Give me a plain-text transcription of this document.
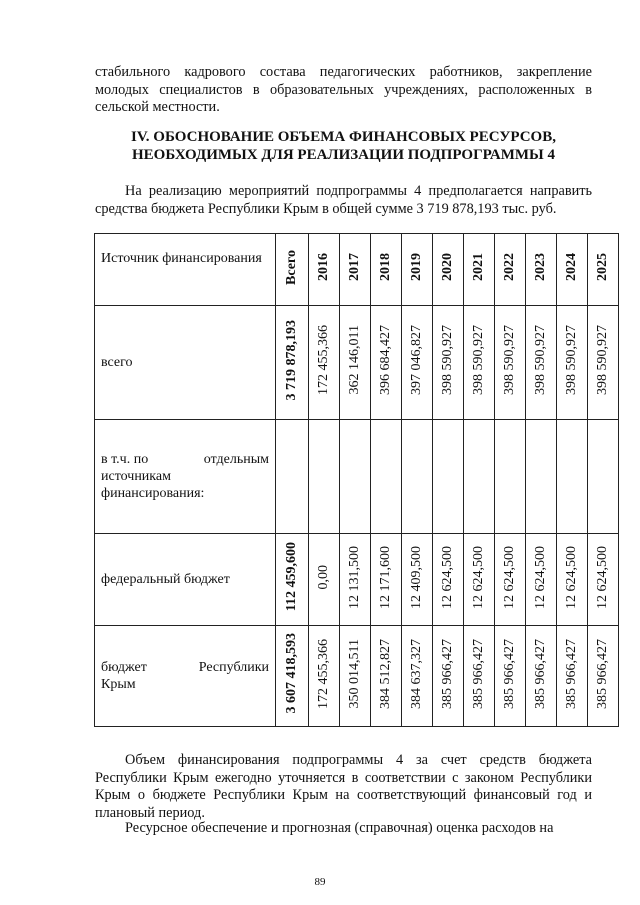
стабильного кадрового состава педагогических работников, закрепление молодых специалистов в образовательных учреждениях, расположенных в сельской местности.

IV. ОБОСНОВАНИЕ ОБЪЕМА ФИНАНСОВЫХ РЕСУРСОВ,
НЕОБХОДИМЫХ ДЛЯ РЕАЛИЗАЦИИ ПОДПРОГРАММЫ 4

На реализацию мероприятий подпрограммы 4 предполагается направить средства бюджета Республики Крым в общей сумме 3 719 878,193 тыс. руб.

Источник финансирования	Всего	2016	2017	2018	2019	2020	2021	2022	2023	2024	2025
всего	3 719 878,193	172 455,366	362 146,011	396 684,427	397 046,827	398 590,927	398 590,927	398 590,927	398 590,927	398 590,927	398 590,927

в т.ч. по отдельным
источникам финансирования:											

федеральный бюджет	112 459,600	0,00	12 131,500	12 171,600	12 409,500	12 624,500	12 624,500	12 624,500	12 624,500	12 624,500	12 624,500

бюджет Республики
Крым	3 607 418,593	172 455,366	350 014,511	384 512,827	384 637,327	385 966,427	385 966,427	385 966,427	385 966,427	385 966,427	385 966,427

Объем финансирования подпрограммы 4 за счет средств бюджета Республики Крым ежегодно уточняется в соответствии с законом Республики Крым о бюджете Республики Крым на соответствующий финансовый год и плановый период.

Ресурсное обеспечение и прогнозная (справочная) оценка расходов на

89
